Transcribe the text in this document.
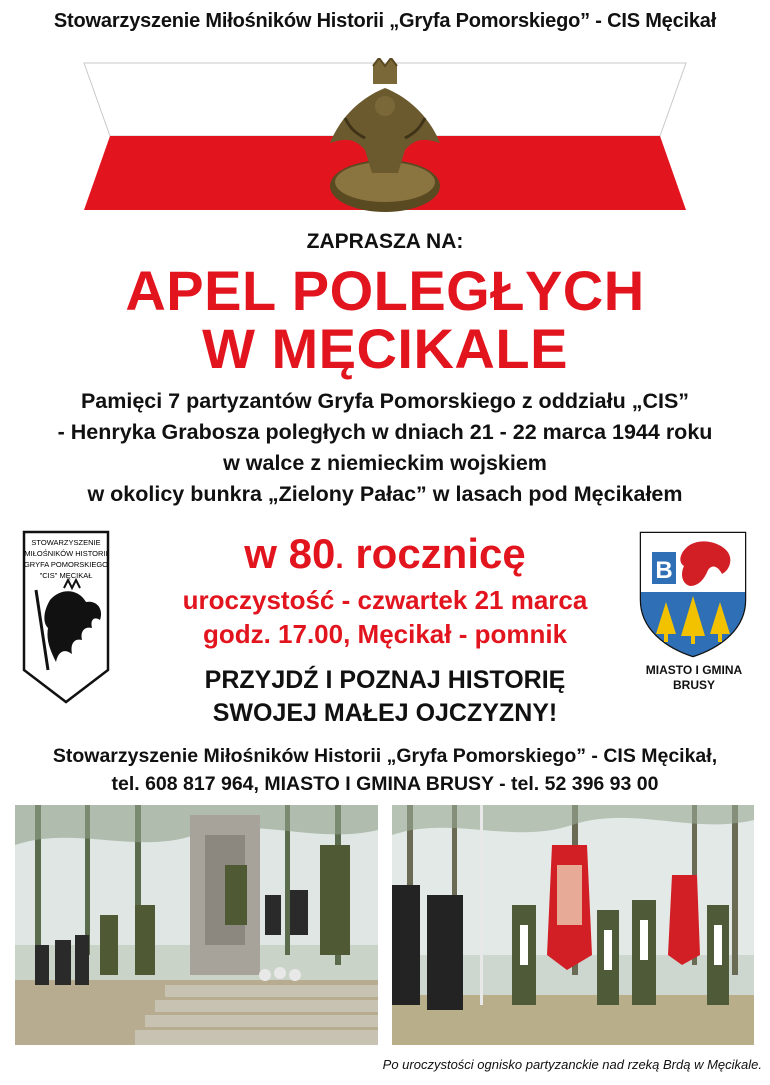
Stowarzyszenie Miłośników Historii „Gryfa Pomorskiego” - CIS Męcikał
ZAPRASZA NA:
APEL POLEGŁYCH
W MĘCIKALE
Pamięci 7 partyzantów Gryfa Pomorskiego z oddziału „CIS”
- Henryka Grabosza poległych w dniach 21 - 22 marca 1944 roku
w walce z niemieckim wojskiem
w okolicy bunkra „Zielony Pałac” w lasach pod Męcikałem
STOWARZYSZENIE
MIŁOŚNIKÓW HISTORII
GRYFA POMORSKIEGO
"CIS" MĘCIKAŁ	w 80. rocznicę
uroczystość - czwartek 21 marca
godz. 17.00, Męcikał - pomnik
B
MIASTO I GMINA
BRUSY
PRZYJDŹ I POZNAJ HISTORIĘ
SWOJEJ MAŁEJ OJCZYZNY!
Stowarzyszenie Miłośników Historii „Gryfa Pomorskiego” - CIS Męcikał,
tel. 608 817 964, MIASTO I GMINA BRUSY - tel. 52 396 93 00
Po uroczystości ognisko partyzanckie nad rzeką Brdą w Męcikale.
